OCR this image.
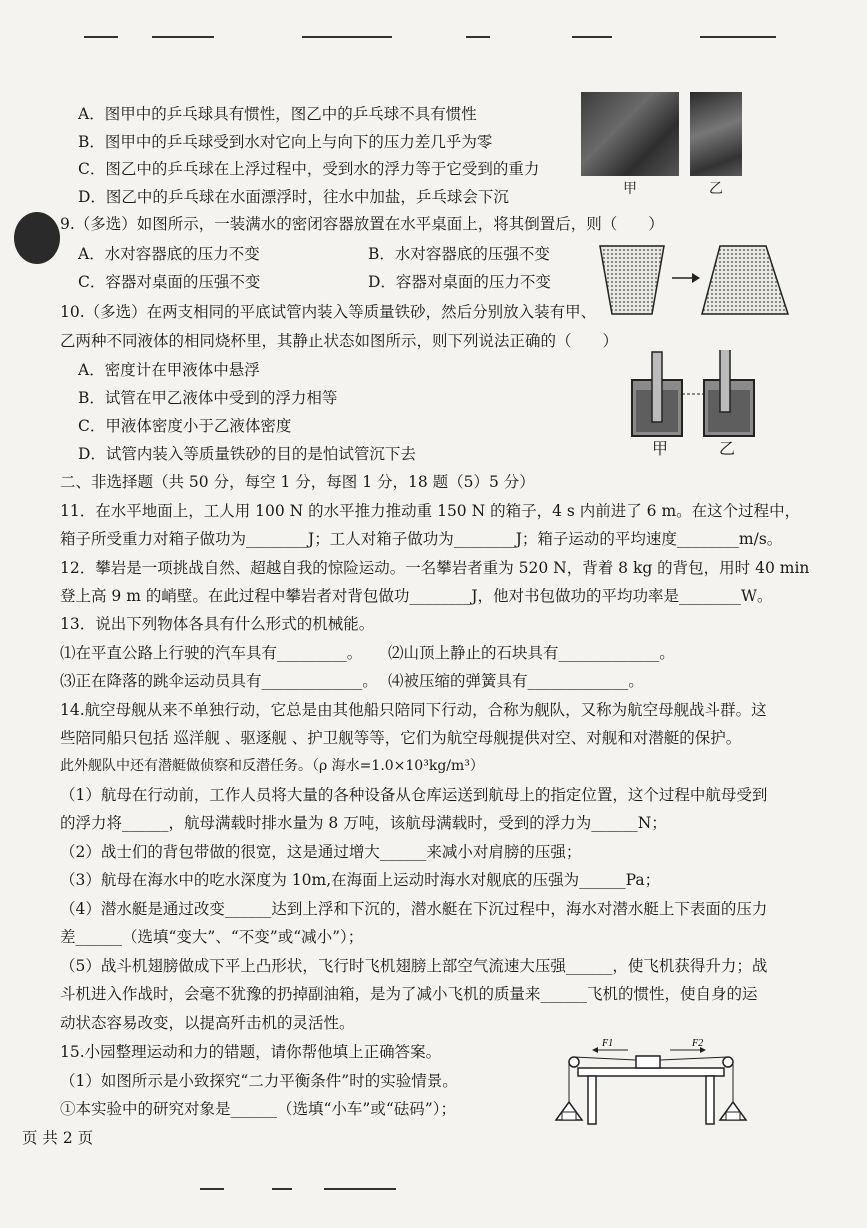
A．图甲中的乒乓球具有惯性，图乙中的乒乓球不具有惯性
B．图甲中的乒乓球受到水对它向上与向下的压力差几乎为零
C．图乙中的乒乓球在上浮过程中，受到水的浮力等于它受到的重力
D．图乙中的乒乓球在水面漂浮时，往水中加盐，乒乓球会下沉	甲	乙
9.（多选）如图所示，一装满水的密闭容器放置在水平桌面上，将其倒置后，则（　　）
A．水对容器底的压力不变	B．水对容器底的压强不变
C．容器对桌面的压强不变	D．容器对桌面的压力不变
10.（多选）在两支相同的平底试管内装入等质量铁砂，然后分别放入装有甲、
乙两种不同液体的相同烧杯里，其静止状态如图所示，则下列说法正确的（　　）
A．密度计在甲液体中悬浮
B．试管在甲乙液体中受到的浮力相等
C．甲液体密度小于乙液体密度
D．试管内装入等质量铁砂的目的是怕试管沉下去	甲	乙
二、非选择题（共 50 分，每空 1 分，每图 1 分，18 题（5）5 分）
11．在水平地面上，工人用 100 N 的水平推力推动重 150 N 的箱子，4 s 内前进了 6 m。在这个过程中，
箱子所受重力对箱子做功为________J；工人对箱子做功为________J；箱子运动的平均速度________m/s。
12．攀岩是一项挑战自然、超越自我的惊险运动。一名攀岩者重为 520 N，背着 8 kg 的背包，用时 40 min
登上高 9 m 的峭壁。在此过程中攀岩者对背包做功________J，他对书包做功的平均功率是________W。
13．说出下列物体各具有什么形式的机械能。
⑴在平直公路上行驶的汽车具有_________。 ⑵山顶上静止的石块具有_____________。
⑶正在降落的跳伞运动员具有_____________。 ⑷被压缩的弹簧具有_____________。
14.航空母舰从来不单独行动，它总是由其他船只陪同下行动，合称为舰队，又称为航空母舰战斗群。这
些陪同船只包括 巡洋舰 、驱逐舰 、护卫舰等等，它们为航空母舰提供对空、对舰和对潜艇的保护。
此外舰队中还有潜艇做侦察和反潜任务。（ρ 海水=1.0×10³kg/m³）
（1）航母在行动前，工作人员将大量的各种设备从仓库运送到航母上的指定位置，这个过程中航母受到
的浮力将______，航母满载时排水量为 8 万吨，该航母满载时，受到的浮力为______N；
（2）战士们的背包带做的很宽，这是通过增大______来减小对肩膀的压强；
（3）航母在海水中的吃水深度为 10m,在海面上运动时海水对舰底的压强为______Pa；
（4）潜水艇是通过改变______达到上浮和下沉的，潜水艇在下沉过程中，海水对潜水艇上下表面的压力
差______（选填“变大”、“不变”或“减小”）；
（5）战斗机翅膀做成下平上凸形状，飞行时飞机翅膀上部空气流速大压强______，使飞机获得升力；战
斗机进入作战时，会毫不犹豫的扔掉副油箱，是为了减小飞机的质量来______飞机的惯性，使自身的运
动状态容易改变，以提高歼击机的灵活性。
15.小园整理运动和力的错题，请你帮他填上正确答案。
（1）如图所示是小致探究“二力平衡条件”时的实验情景。
①本实验中的研究对象是______（选填“小车”或“砝码”）；
F1	F2
页 共 2 页
